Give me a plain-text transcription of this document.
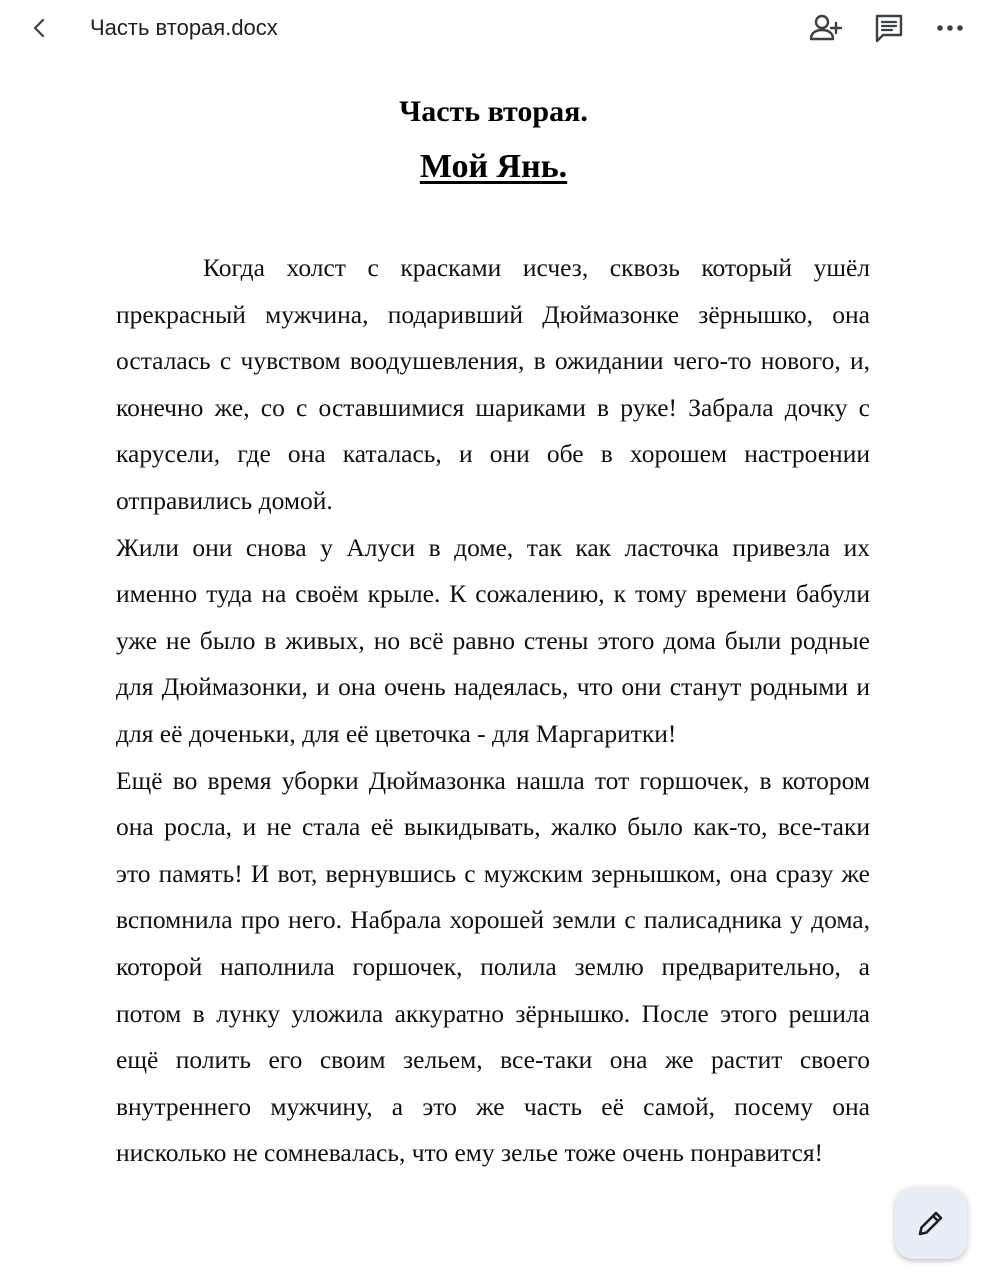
Часть вторая.docx
Часть вторая.
Мой Янь.

Когда холст с красками исчез, сквозь который ушёл прекрасный мужчина, подаривший Дюймазонке зёрнышко, она осталась с чувством воодушевления, в ожидании чего-то нового, и, конечно же, со с оставшимися шариками в руке! Забрала дочку с карусели, где она каталась, и они обе в хорошем настроении отправились домой.

Жили они снова у Алуси в доме, так как ласточка привезла их именно туда на своём крыле. К сожалению, к тому времени бабули уже не было в живых, но всё равно стены этого дома были родные для Дюймазонки, и она очень надеялась, что они станут родными и для её доченьки, для её цветочка - для Маргаритки!

Ещё во время уборки Дюймазонка нашла тот горшочек, в котором она росла, и не стала её выкидывать, жалко было как-то, все-таки это память! И вот, вернувшись с мужским зернышком, она сразу же вспомнила про него. Набрала хорошей земли с палисадника у дома, которой наполнила горшочек, полила землю предварительно, а потом в лунку уложила аккуратно зёрнышко. После этого решила ещё полить его своим зельем, все-таки она же растит своего внутреннего мужчину, а это же часть её самой, посему она нисколько не сомневалась, что ему зелье тоже очень понравится!
